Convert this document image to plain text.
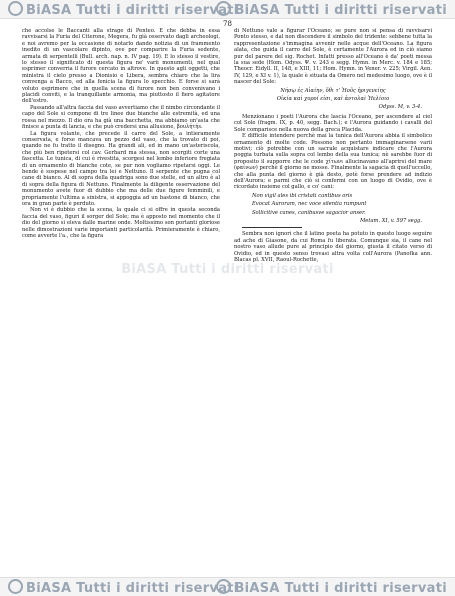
BiASA Tutti i diritti riservati
BiASA Tutti i diritti riservati
78

che accolse le Baccanti alla strage di Penteo. E che debba in essa ravvisarsi la Furia del Citerone, Megera, fu già osservato dagli archeologi, e noi avremo per la occasione di notarlo dando notizia di un frammento inedito di un vascolare dipinto, ove per comparire la Furia sedente, armata di serpentelli (Bull. arch. nap. n. IV pag. 19). E lo stesso il vestire, lo stesso il significato di questa figura ne' varii monumenti, nel qual esprimer converria il furore cercato in altrove. In questo agli oggetti, che ministra il cielo presso a Dionisio e Libera, sembra chiaro che la lira convenga a Bacco, ed alla fenicia la figura lo specchio. E forse si sarà voluto esprimere che in quella scena di furore non ben convenivano i placidi conviti, e la tranquillante armonia, ma piuttosto il fiero agitatore dell'estro.

Passando all'altra faccia del vaso avvertiamo che il nimbo circondante il capo del Sole si compone di tre linee due bianche alle estremità, ed una rossa nel mezzo. Il dio ora ha già una bacchetta, ma abbiamo un'asta che finisce a punta di lancia, e che può credersi una allusione, βουλήτήs.

La figura volante, che precede il carro del Sole, a intieramente conservata, e forse mancava un pezzo del vaso, che la trovato di poi, quando ne fu tratto il disegno. Ha grandi ali, ed in mano un'asteriscola, che più ben ripetersi col cav. Gerhard ma stessa, non scorgiti corte una fascetta. Le tunica, di cui è rivestita, scorgesi nel lembo inferiore fregiata di un ornamento di bianche cote, se pur non vogliamo ripetarsi oggi. Le bende è sospese nel campo tra lei e Nettuno. Il serpente che pugna col cane di bianco. Al di sopra della quadriga sono due stelle, ed un altro è al di sopra della figura di Nettuno. Finalmente la diligente osservazione del monumento avete fuor di dubbio che ma delle due figure femminili, e propriamente l'ultima a sinistra, si appoggia ad un bastone di bianco, che ora in gran parte è perduto.

Non vi è dubbio che la scena, la quale ci si offre in questa seconda faccia del vaso, figuri il sorger del Sole; ma è apposto nel momento che il dio del giorno si eleva dalle marine onde. Moltissimo son portanti gloriose nelle dimostrazioni varie importanti particolarità. Primieramente è chiaro, come avverte l'a., che la figura

di Nettuno vale a figurar l'Oceano; se pure non si pensa di ravvisarvi Ponto stesso, e dal non discendere il simbolo del tridente: sebbene tutta la rappresentazione s'immagina avvenir nelle acque dell'Oceano. La figura alata, che guida il carro del Sole, è certamente l'Aurora ed in ciò siamo pur del parere del sig. Rochet. Infatti presso all'Oceano è da' poeti messa la sua sede (Hom. Odyss. Ψ. v. 243 e segg. Hymn. in Merc. v. 184 e 185; Theocr. Eidyll. II, 148, e XIII, 11; Hom. Hymn. in Vener. v. 225; Virgil. Aen. IV, 129, e XI v. 1), la quale è situata da Omero nel medesimo luogo, ove è il nascer del Sole:

Νήσῳ ἐς Αἰαίην, ὅθι τ' Ἠοῦς ἠριγενείης
Οἰκία καὶ χοροί εἰσι, καὶ ἀντολαὶ Ἠελίοιο
Odyss. M, v. 3-4.

Menzionano i poeti l'Aurora che lascia l'Oceano, per ascendere al ciel col Sole (fragm. IX, p. 40, segg. Bach.); e l'Aurora guidando i cavalli del Sole comparisce nella nuova della greca Placida.

E difficile intendere perchè mai la tunica dell'Aurora abbia il simbolico ornamento di molte code. Possono non pertanto immaginarsene varii motivi; ciò potrebbe con un sacrale acquistare indicare che l'Aurora poggia turbata sulla sopra col lembo della sua tunica; nè sarebbe fuor di proposito il supporre che le code χίτωνι allucinavano all'aprirsi del mare (φαίνων) perchè il giorno ne mosse. Finalmente la sagacia di quell'uccello, che alla punta del giorno è già desto, potè forse prendere ad indizio dell'Aurora; e parmi che ciò si confermi con un luogo di Ovidio, ove è ricordato insieme col gallo, e co' cani:

Non vigil ales ibi cristati cantibus oris
Evocat Auroram, nec voce silentia rumpunt
Sollicitive canes, canibusve sagacior anser.
Metam. XI, v. 597 segg.

Sembra non ignori che il latino poeta ha potuto in questo luogo seguire ad ache di Giasone, da cui Roma fu liberata. Comunque sia, il cane nel nostro vaso allude pure al principio del giorno, giusta il citato verso di Ovidio, ed in questo senso trovasi altra volta coll'Aurora (Panofka ann. Blacas pl. XVII, Raoul-Rochette,

BiASA Tutti i diritti riservati
BiASA Tutti i diritti riservati
BiASA Tutti i diritti riservati
